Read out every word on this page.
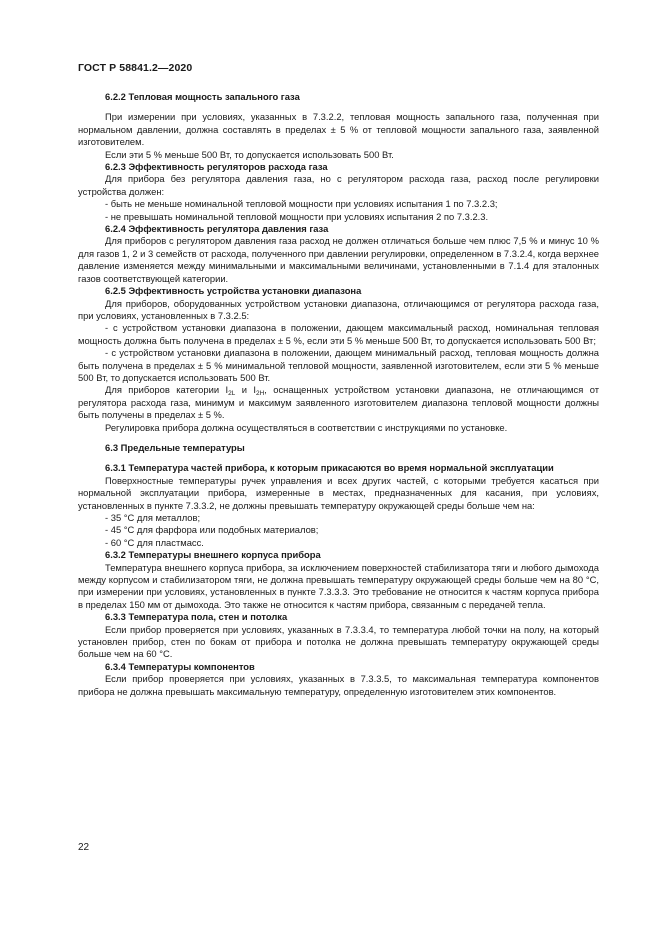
ГОСТ Р 58841.2—2020

6.2.2 Тепловая мощность запального газа

При измерении при условиях, указанных в 7.3.2.2, тепловая мощность запального газа, полученная при нормальном давлении, должна составлять в пределах ± 5 % от тепловой мощности запального газа, заявленной изготовителем.

Если эти 5 % меньше 500 Вт, то допускается использовать 500 Вт.

6.2.3 Эффективность регуляторов расхода газа

Для прибора без регулятора давления газа, но с регулятором расхода газа, расход после регулировки устройства должен:

- быть не меньше номинальной тепловой мощности при условиях испытания 1 по 7.3.2.3;

- не превышать номинальной тепловой мощности при условиях испытания 2 по 7.3.2.3.

6.2.4 Эффективность регулятора давления газа

Для приборов с регулятором давления газа расход не должен отличаться больше чем плюс 7,5 % и минус 10 % для газов 1, 2 и 3 семейств от расхода, полученного при давлении регулировки, определенном в 7.3.2.4, когда верхнее давление изменяется между минимальными и максимальными величинами, установленными в 7.1.4 для эталонных газов соответствующей категории.

6.2.5 Эффективность устройства установки диапазона

Для приборов, оборудованных устройством установки диапазона, отличающимся от регулятора расхода газа, при условиях, установленных в 7.3.2.5:

- с устройством установки диапазона в положении, дающем максимальный расход, номинальная тепловая мощность должна быть получена в пределах ± 5 %, если эти 5 % меньше 500 Вт, то допускается использовать 500 Вт;

- с устройством установки диапазона в положении, дающем минимальный расход, тепловая мощность должна быть получена в пределах ± 5 % минимальной тепловой мощности, заявленной изготовителем, если эти 5 % меньше 500 Вт, то допускается использовать 500 Вт.

Для приборов категории $I_{2L}$ и $I_{2H}$, оснащенных устройством установки диапазона, не отличающимся от регулятора расхода газа, минимум и максимум заявленного изготовителем диапазона тепловой мощности должны быть получены в пределах ± 5 %.

Регулировка прибора должна осуществляться в соответствии с инструкциями по установке.

6.3 Предельные температуры

6.3.1 Температура частей прибора, к которым прикасаются во время нормальной эксплуатации

Поверхностные температуры ручек управления и всех других частей, с которыми требуется касаться при нормальной эксплуатации прибора, измеренные в местах, предназначенных для касания, при условиях, установленных в пункте 7.3.3.2, не должны превышать температуру окружающей среды больше чем на:

- 35 °С для металлов;

- 45 °С для фарфора или подобных материалов;

- 60 °С для пластмасс.

6.3.2 Температуры внешнего корпуса прибора

Температура внешнего корпуса прибора, за исключением поверхностей стабилизатора тяги и любого дымохода между корпусом и стабилизатором тяги, не должна превышать температуру окружающей среды больше чем на 80 °С, при измерении при условиях, установленных в пункте 7.3.3.3. Это требование не относится к частям корпуса прибора в пределах 150 мм от дымохода. Это также не относится к частям прибора, связанным с передачей тепла.

6.3.3 Температура пола, стен и потолка

Если прибор проверяется при условиях, указанных в 7.3.3.4, то температура любой точки на полу, на который установлен прибор, стен по бокам от прибора и потолка не должна превышать температуру окружающей среды больше чем на 60 °С.

6.3.4 Температуры компонентов

Если прибор проверяется при условиях, указанных в 7.3.3.5, то максимальная температура компонентов прибора не должна превышать максимальную температуру, определенную изготовителем этих компонентов.

22
